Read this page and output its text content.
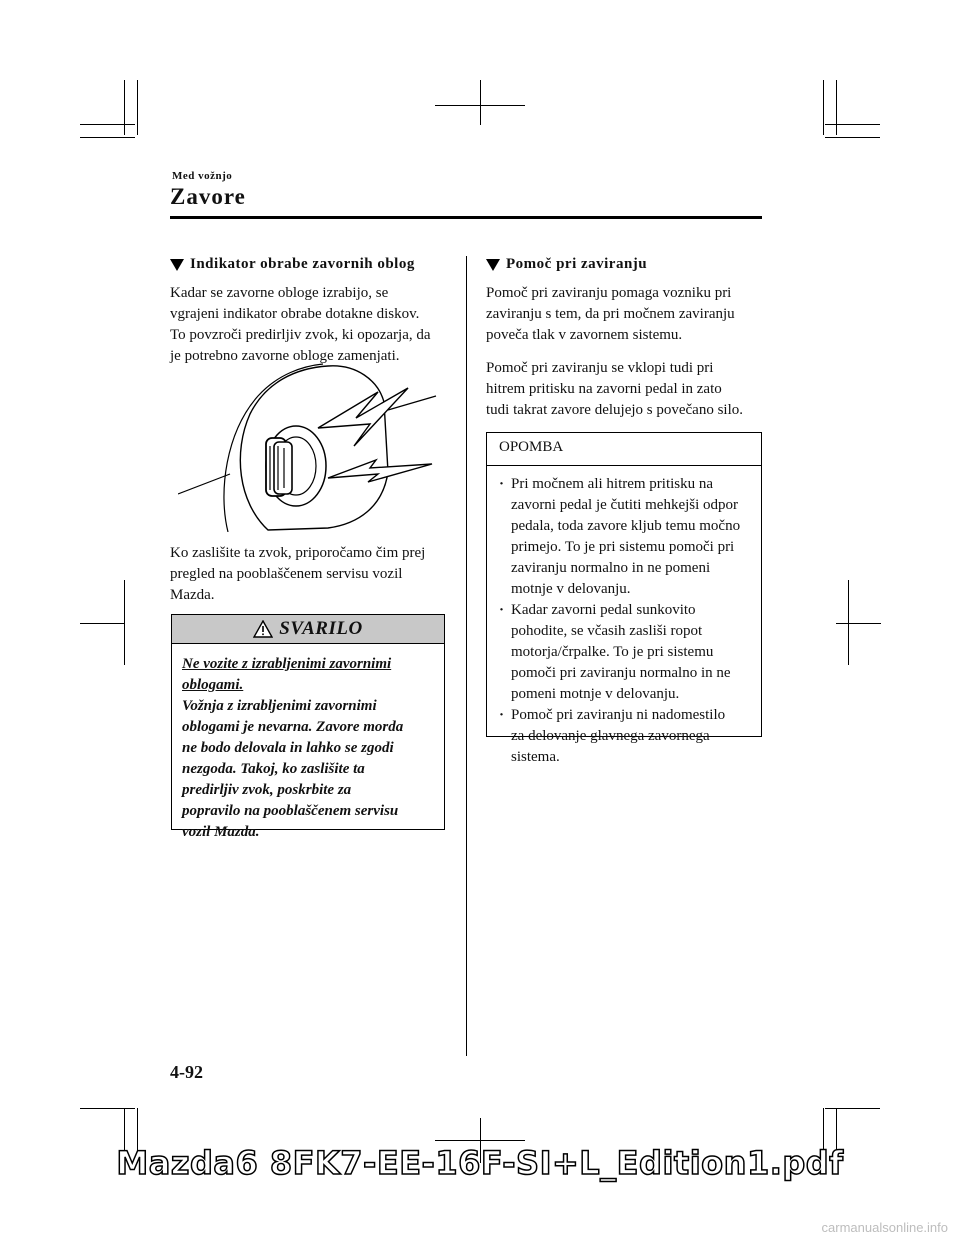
Med vožnjo
Zavore
Indikator obrabe zavornih oblog

Kadar se zavorne obloge izrabijo, se

vgrajeni indikator obrabe dotakne diskov.

To povzroči predirljiv zvok, ki opozarja, da

je potrebno zavorne obloge zamenjati.

Ko zaslišite ta zvok, priporočamo čim prej

pregled na pooblaščenem servisu vozil

Mazda.

SVARILO
Ne vozite z izrabljenimi zavornimi
oblogami.
Vožnja z izrabljenimi zavornimi
oblogami je nevarna. Zavore morda
ne bodo delovala in lahko se zgodi
nezgoda. Takoj, ko zaslišite ta
predirljiv zvok, poskrbite za
popravilo na pooblaščenem servisu
vozil Mazda.
Pomoč pri zaviranju

Pomoč pri zaviranju pomaga vozniku pri

zaviranju s tem, da pri močnem zaviranju

poveča tlak v zavornem sistemu.

Pomoč pri zaviranju se vklopi tudi pri

hitrem pritisku na zavorni pedal in zato

tudi takrat zavore delujejo s povečano silo.

OPOMBA
· Pri močnem ali hitrem pritisku na
zavorni pedal je čutiti mehkejši odpor
pedala, toda zavore kljub temu močno
primejo. To je pri sistemu pomoči pri
zaviranju normalno in ne pomeni
motnje v delovanju.
· Kadar zavorni pedal sunkovito
pohodite, se včasih zasliši ropot
motorja/črpalke. To je pri sistemu
pomoči pri zaviranju normalno in ne
pomeni motnje v delovanju.
· Pomoč pri zaviranju ni nadomestilo
za delovanje glavnega zavornega
sistema.
4-92
Mazda6 8FK7-EE-16F-SI+L_Edition1.pdf
carmanualsonline.info
